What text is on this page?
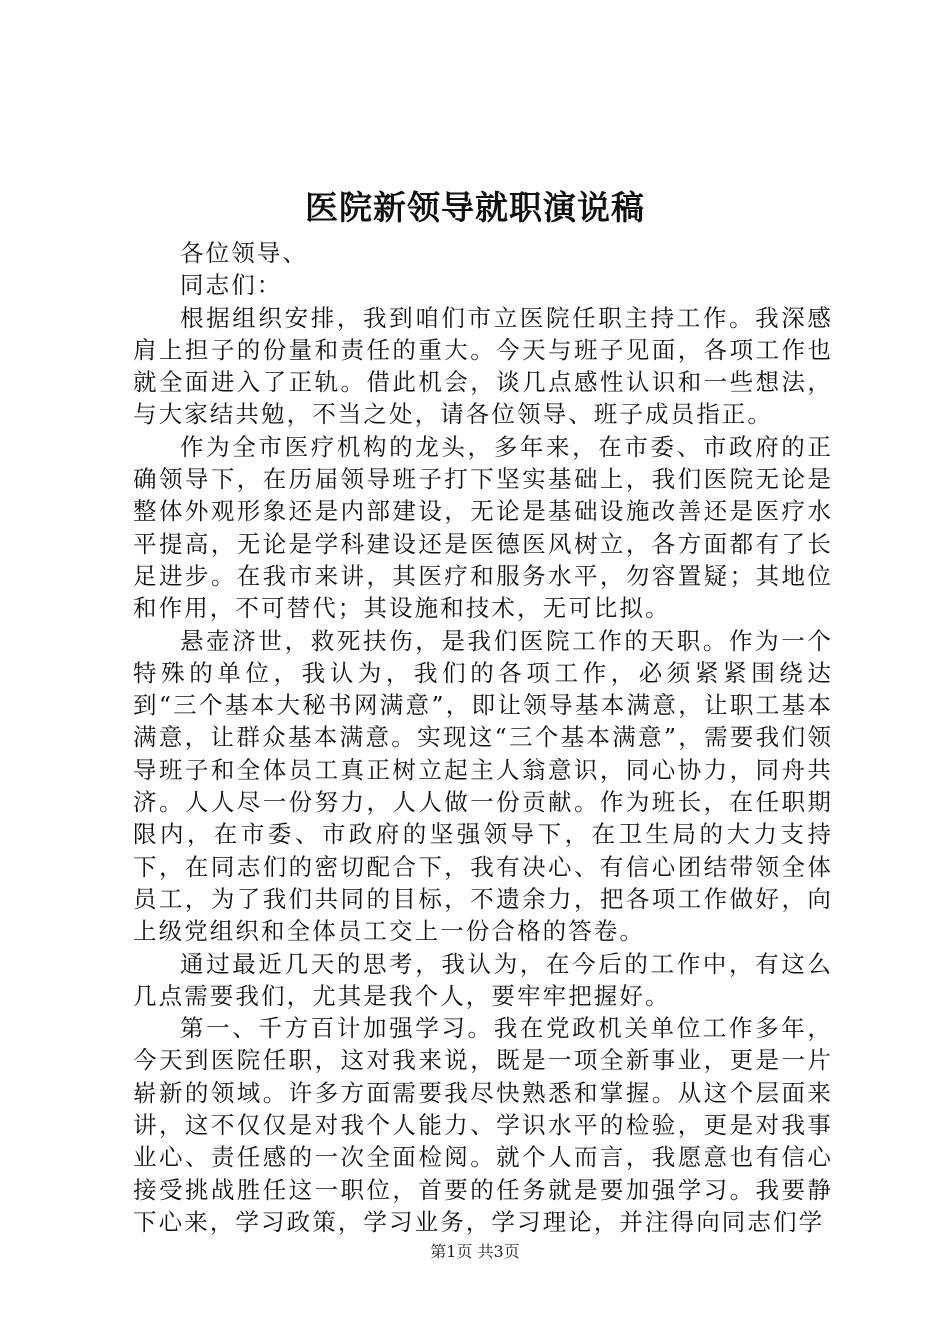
医院新领导就职演说稿

各位领导、

同志们：

根据组织安排，我到咱们市立医院任职主持工作。我深感肩上担子的份量和责任的重大。今天与班子见面，各项工作也就全面进入了正轨。借此机会，谈几点感性认识和一些想法，与大家结共勉，不当之处，请各位领导、班子成员指正。

作为全市医疗机构的龙头，多年来，在市委、市政府的正确领导下，在历届领导班子打下坚实基础上，我们医院无论是整体外观形象还是内部建设，无论是基础设施改善还是医疗水平提高，无论是学科建设还是医德医风树立，各方面都有了长足进步。在我市来讲，其医疗和服务水平，勿容置疑；其地位和作用，不可替代；其设施和技术，无可比拟。

悬壶济世，救死扶伤，是我们医院工作的天职。作为一个特殊的单位，我认为，我们的各项工作，必须紧紧围绕达到“三个基本大秘书网满意”，即让领导基本满意，让职工基本满意，让群众基本满意。实现这“三个基本满意”，需要我们领导班子和全体员工真正树立起主人翁意识，同心协力，同舟共济。人人尽一份努力，人人做一份贡献。作为班长，在任职期限内，在市委、市政府的坚强领导下，在卫生局的大力支持下，在同志们的密切配合下，我有决心、有信心团结带领全体员工，为了我们共同的目标，不遗余力，把各项工作做好，向上级党组织和全体员工交上一份合格的答卷。

通过最近几天的思考，我认为，在今后的工作中，有这么几点需要我们，尤其是我个人，要牢牢把握好。

第一、千方百计加强学习。我在党政机关单位工作多年，今天到医院任职，这对我来说，既是一项全新事业，更是一片崭新的领域。许多方面需要我尽快熟悉和掌握。从这个层面来讲，这不仅仅是对我个人能力、学识水平的检验，更是对我事业心、责任感的一次全面检阅。就个人而言，我愿意也有信心接受挑战胜任这一职位，首要的任务就是要加强学习。我要静下心来，学习政策，学习业务，学习理论，并注得向同志们学

第1页 共3页
